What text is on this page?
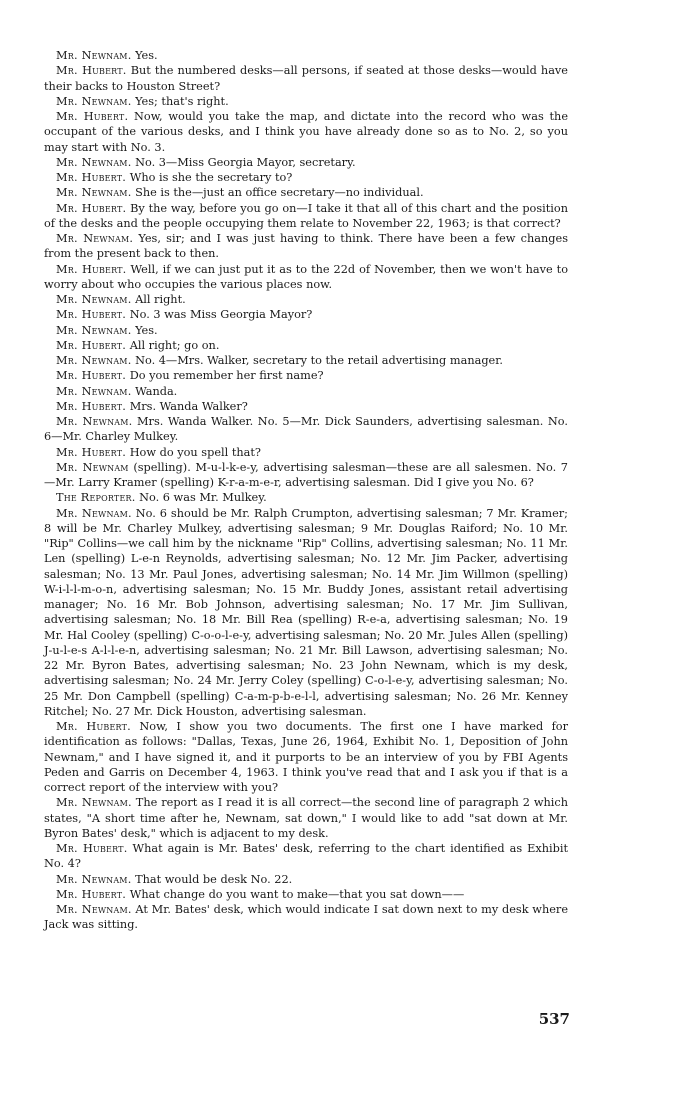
Mr. Newnam. Yes.

Mr. Hubert. But the numbered desks—all persons, if seated at those desks—would have their backs to Houston Street?

Mr. Newnam. Yes; that's right.

Mr. Hubert. Now, would you take the map, and dictate into the record who was the occupant of the various desks, and I think you have already done so as to No. 2, so you may start with No. 3.

Mr. Newnam. No. 3—Miss Georgia Mayor, secretary.

Mr. Hubert. Who is she the secretary to?

Mr. Newnam. She is the—just an office secretary—no individual.

Mr. Hubert. By the way, before you go on—I take it that all of this chart and the position of the desks and the people occupying them relate to November 22, 1963; is that correct?

Mr. Newnam. Yes, sir; and I was just having to think. There have been a few changes from the present back to then.

Mr. Hubert. Well, if we can just put it as to the 22d of November, then we won't have to worry about who occupies the various places now.

Mr. Newnam. All right.

Mr. Hubert. No. 3 was Miss Georgia Mayor?

Mr. Newnam. Yes.

Mr. Hubert. All right; go on.

Mr. Newnam. No. 4—Mrs. Walker, secretary to the retail advertising manager.

Mr. Hubert. Do you remember her first name?

Mr. Newnam. Wanda.

Mr. Hubert. Mrs. Wanda Walker?

Mr. Newnam. Mrs. Wanda Walker. No. 5—Mr. Dick Saunders, advertising salesman. No. 6—Mr. Charley Mulkey.

Mr. Hubert. How do you spell that?

Mr. Newnam (spelling). M-u-l-k-e-y, advertising salesman—these are all salesmen. No. 7—Mr. Larry Kramer (spelling) K-r-a-m-e-r, advertising salesman. Did I give you No. 6?

The Reporter. No. 6 was Mr. Mulkey.

Mr. Newnam. No. 6 should be Mr. Ralph Crumpton, advertising salesman; 7 Mr. Kramer; 8 will be Mr. Charley Mulkey, advertising salesman; 9 Mr. Douglas Raiford; No. 10 Mr. "Rip" Collins—we call him by the nickname "Rip" Collins, advertising salesman; No. 11 Mr. Len (spelling) L-e-n Reynolds, advertising salesman; No. 12 Mr. Jim Packer, advertising salesman; No. 13 Mr. Paul Jones, advertising salesman; No. 14 Mr. Jim Willmon (spelling) W-i-l-l-m-o-n, advertising salesman; No. 15 Mr. Buddy Jones, assistant retail advertising manager; No. 16 Mr. Bob Johnson, advertising salesman; No. 17 Mr. Jim Sullivan, advertising salesman; No. 18 Mr. Bill Rea (spelling) R-e-a, advertising salesman; No. 19 Mr. Hal Cooley (spelling) C-o-o-l-e-y, advertising salesman; No. 20 Mr. Jules Allen (spelling) J-u-l-e-s A-l-l-e-n, advertising salesman; No. 21 Mr. Bill Lawson, advertising salesman; No. 22 Mr. Byron Bates, advertising salesman; No. 23 John Newnam, which is my desk, advertising salesman; No. 24 Mr. Jerry Coley (spelling) C-o-l-e-y, advertising salesman; No. 25 Mr. Don Campbell (spelling) C-a-m-p-b-e-l-l, advertising salesman; No. 26 Mr. Kenney Ritchel; No. 27 Mr. Dick Houston, advertising salesman.

Mr. Hubert. Now, I show you two documents. The first one I have marked for identification as follows: "Dallas, Texas, June 26, 1964, Exhibit No. 1, Deposition of John Newnam," and I have signed it, and it purports to be an interview of you by FBI Agents Peden and Garris on December 4, 1963. I think you've read that and I ask you if that is a correct report of the interview with you?

Mr. Newnam. The report as I read it is all correct—the second line of paragraph 2 which states, "A short time after he, Newnam, sat down," I would like to add "sat down at Mr. Byron Bates' desk," which is adjacent to my desk.

Mr. Hubert. What again is Mr. Bates' desk, referring to the chart identified as Exhibit No. 4?

Mr. Newnam. That would be desk No. 22.

Mr. Hubert. What change do you want to make—that you sat down——

Mr. Newnam. At Mr. Bates' desk, which would indicate I sat down next to my desk where Jack was sitting.

537
